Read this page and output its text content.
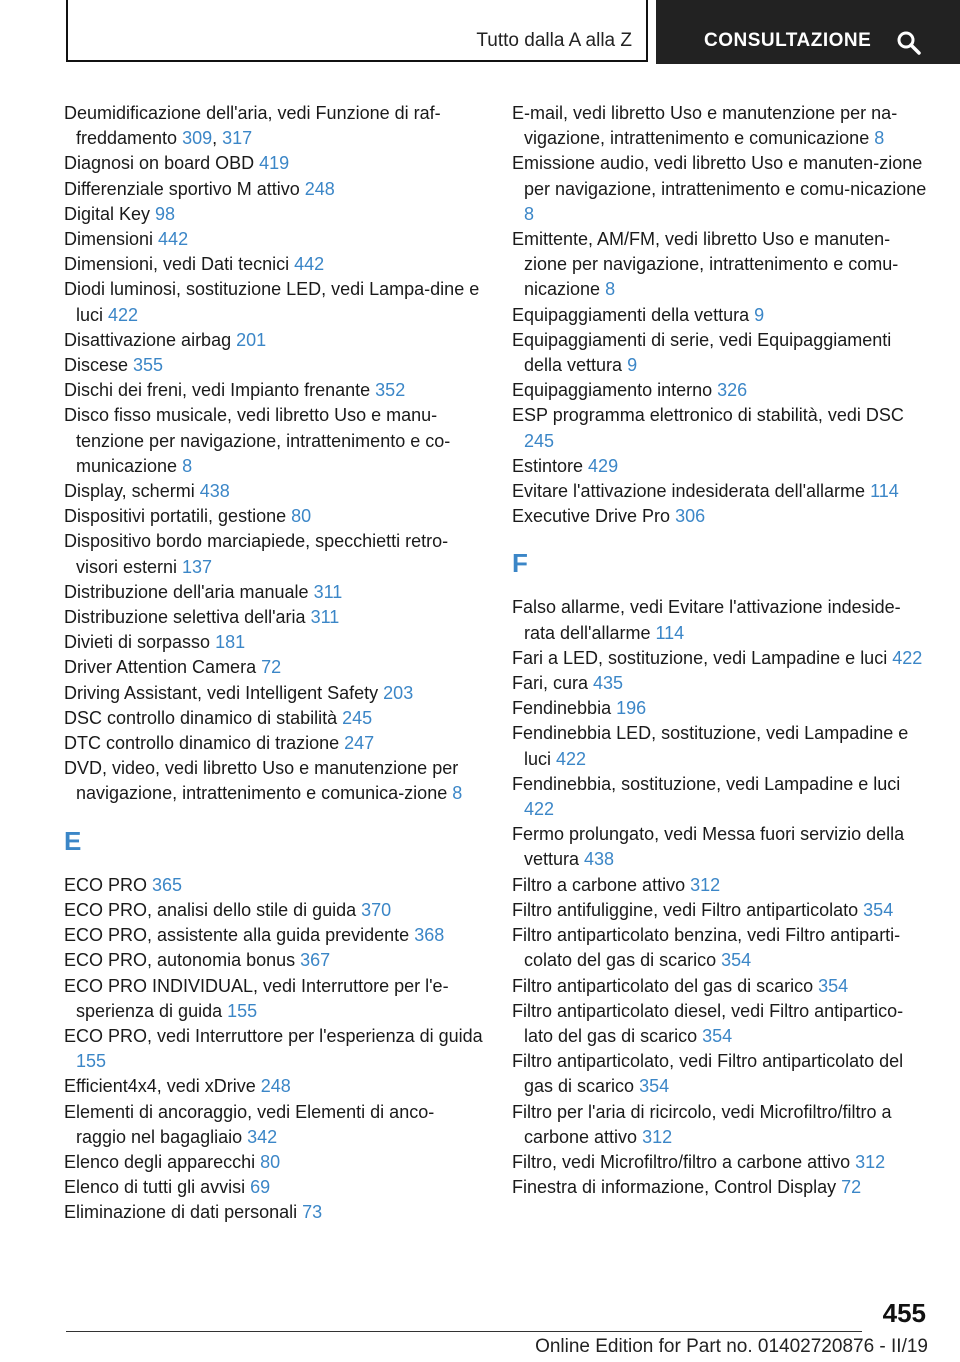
Tutto dalla A alla Z	CONSULTAZIONE
Deumidificazione dell'aria, vedi Funzione di raf-freddamento 309, 317
Diagnosi on board OBD 419
Differenziale sportivo M attivo 248
Digital Key 98
Dimensioni 442
Dimensioni, vedi Dati tecnici 442
Diodi luminosi, sostituzione LED, vedi Lampa-dine e luci 422
Disattivazione airbag 201
Discese 355
Dischi dei freni, vedi Impianto frenante 352
Disco fisso musicale, vedi libretto Uso e manu-tenzione per navigazione, intrattenimento e co-municazione 8
Display, schermi 438
Dispositivi portatili, gestione 80
Dispositivo bordo marciapiede, specchietti retro-visori esterni 137
Distribuzione dell'aria manuale 311
Distribuzione selettiva dell'aria 311
Divieti di sorpasso 181
Driver Attention Camera 72
Driving Assistant, vedi Intelligent Safety 203
DSC controllo dinamico di stabilità 245
DTC controllo dinamico di trazione 247
DVD, video, vedi libretto Uso e manutenzione per navigazione, intrattenimento e comunica-zione 8
E
ECO PRO 365
ECO PRO, analisi dello stile di guida 370
ECO PRO, assistente alla guida previdente 368
ECO PRO, autonomia bonus 367
ECO PRO INDIVIDUAL, vedi Interruttore per l'e-sperienza di guida 155
ECO PRO, vedi Interruttore per l'esperienza di guida 155
Efficient4x4, vedi xDrive 248
Elementi di ancoraggio, vedi Elementi di anco-raggio nel bagagliaio 342
Elenco degli apparecchi 80
Elenco di tutti gli avvisi 69
Eliminazione di dati personali 73
E-mail, vedi libretto Uso e manutenzione per na-vigazione, intrattenimento e comunicazione 8
Emissione audio, vedi libretto Uso e manuten-zione per navigazione, intrattenimento e comu-nicazione 8
Emittente, AM/FM, vedi libretto Uso e manuten-zione per navigazione, intrattenimento e comu-nicazione 8
Equipaggiamenti della vettura 9
Equipaggiamenti di serie, vedi Equipaggiamenti della vettura 9
Equipaggiamento interno 326
ESP programma elettronico di stabilità, vedi DSC 245
Estintore 429
Evitare l'attivazione indesiderata dell'allarme 114
Executive Drive Pro 306
F
Falso allarme, vedi Evitare l'attivazione indeside-rata dell'allarme 114
Fari a LED, sostituzione, vedi Lampadine e luci 422
Fari, cura 435
Fendinebbia 196
Fendinebbia LED, sostituzione, vedi Lampadine e luci 422
Fendinebbia, sostituzione, vedi Lampadine e luci 422
Fermo prolungato, vedi Messa fuori servizio della vettura 438
Filtro a carbone attivo 312
Filtro antifuliggine, vedi Filtro antiparticolato 354
Filtro antiparticolato benzina, vedi Filtro antiparti-colato del gas di scarico 354
Filtro antiparticolato del gas di scarico 354
Filtro antiparticolato diesel, vedi Filtro antipartico-lato del gas di scarico 354
Filtro antiparticolato, vedi Filtro antiparticolato del gas di scarico 354
Filtro per l'aria di ricircolo, vedi Microfiltro/filtro a carbone attivo 312
Filtro, vedi Microfiltro/filtro a carbone attivo 312
Finestra di informazione, Control Display 72
455
Online Edition for Part no. 01402720876 - II/19
